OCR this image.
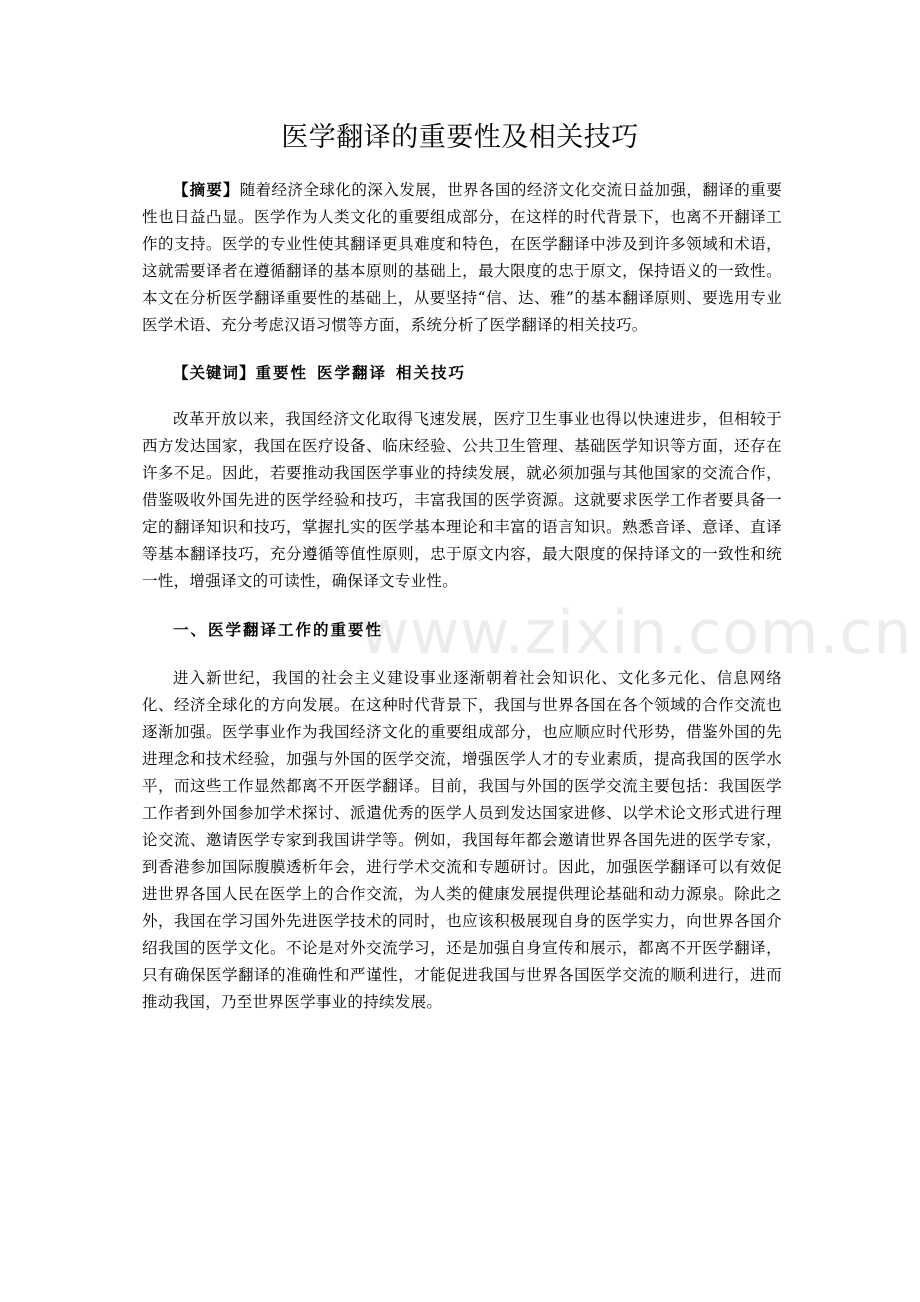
医学翻译的重要性及相关技巧

【摘要】随着经济全球化的深入发展，世界各国的经济文化交流日益加强，翻译的重要性也日益凸显。医学作为人类文化的重要组成部分，在这样的时代背景下，也离不开翻译工作的支持。医学的专业性使其翻译更具难度和特色，在医学翻译中涉及到许多领域和术语，这就需要译者在遵循翻译的基本原则的基础上，最大限度的忠于原文，保持语义的一致性。本文在分析医学翻译重要性的基础上，从要坚持“信、达、雅”的基本翻译原则、要选用专业医学术语、充分考虑汉语习惯等方面，系统分析了医学翻译的相关技巧。

【关键词】重要性 医学翻译 相关技巧

改革开放以来，我国经济文化取得飞速发展，医疗卫生事业也得以快速进步，但相较于西方发达国家，我国在医疗设备、临床经验、公共卫生管理、基础医学知识等方面，还存在许多不足。因此，若要推动我国医学事业的持续发展，就必须加强与其他国家的交流合作，借鉴吸收外国先进的医学经验和技巧，丰富我国的医学资源。这就要求医学工作者要具备一定的翻译知识和技巧，掌握扎实的医学基本理论和丰富的语言知识。熟悉音译、意译、直译等基本翻译技巧，充分遵循等值性原则，忠于原文内容，最大限度的保持译文的一致性和统一性，增强译文的可读性，确保译文专业性。

一、医学翻译工作的重要性

进入新世纪，我国的社会主义建设事业逐渐朝着社会知识化、文化多元化、信息网络化、经济全球化的方向发展。在这种时代背景下，我国与世界各国在各个领域的合作交流也逐渐加强。医学事业作为我国经济文化的重要组成部分，也应顺应时代形势，借鉴外国的先进理念和技术经验，加强与外国的医学交流，增强医学人才的专业素质，提高我国的医学水平，而这些工作显然都离不开医学翻译。目前，我国与外国的医学交流主要包括：我国医学工作者到外国参加学术探讨、派遣优秀的医学人员到发达国家进修、以学术论文形式进行理论交流、邀请医学专家到我国讲学等。例如，我国每年都会邀请世界各国先进的医学专家，到香港参加国际腹膜透析年会，进行学术交流和专题研讨。因此，加强医学翻译可以有效促进世界各国人民在医学上的合作交流，为人类的健康发展提供理论基础和动力源泉。除此之外，我国在学习国外先进医学技术的同时，也应该积极展现自身的医学实力，向世界各国介绍我国的医学文化。不论是对外交流学习，还是加强自身宣传和展示，都离不开医学翻译，只有确保医学翻译的准确性和严谨性，才能促进我国与世界各国医学交流的顺利进行，进而推动我国，乃至世界医学事业的持续发展。

www.zixin.com.cn
